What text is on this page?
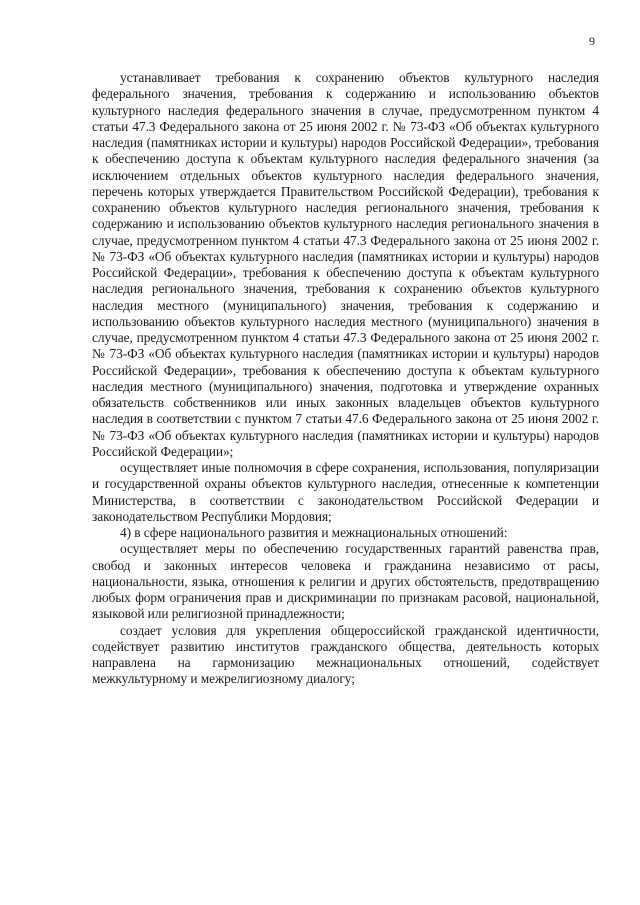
9

устанавливает требования к сохранению объектов культурного наследия федерального значения, требования к содержанию и использованию объектов культурного наследия федерального значения в случае, предусмотренном пунктом 4 статьи 47.3 Федерального закона от 25 июня 2002 г. № 73-ФЗ «Об объектах культурного наследия (памятниках истории и культуры) народов Российской Федерации», требования к обеспечению доступа к объектам культурного наследия федерального значения (за исключением отдельных объектов культурного наследия федерального значения, перечень которых утверждается Правительством Российской Федерации), требования к сохранению объектов культурного наследия регионального значения, требования к содержанию и использованию объектов культурного наследия регионального значения в случае, предусмотренном пунктом 4 статьи 47.3 Федерального закона от 25 июня 2002 г. № 73-ФЗ «Об объектах культурного наследия (памятниках истории и культуры) народов Российской Федерации», требования к обеспечению доступа к объектам культурного наследия регионального значения, требования к сохранению объектов культурного наследия местного (муниципального) значения, требования к содержанию и использованию объектов культурного наследия местного (муниципального) значения в случае, предусмотренном пунктом 4 статьи 47.3 Федерального закона от 25 июня 2002 г. № 73-ФЗ «Об объектах культурного наследия (памятниках истории и культуры) народов Российской Федерации», требования к обеспечению доступа к объектам культурного наследия местного (муниципального) значения, подготовка и утверждение охранных обязательств собственников или иных законных владельцев объектов культурного наследия в соответствии с пунктом 7 статьи 47.6 Федерального закона от 25 июня 2002 г. № 73-ФЗ «Об объектах культурного наследия (памятниках истории и культуры) народов Российской Федерации»;

осуществляет иные полномочия в сфере сохранения, использования, популяризации и государственной охраны объектов культурного наследия, отнесенные к компетенции Министерства, в соответствии с законодательством Российской Федерации и законодательством Республики Мордовия;

4) в сфере национального развития и межнациональных отношений:

осуществляет меры по обеспечению государственных гарантий равенства прав, свобод и законных интересов человека и гражданина независимо от расы, национальности, языка, отношения к религии и других обстоятельств, предотвращению любых форм ограничения прав и дискриминации по признакам расовой, национальной, языковой или религиозной принадлежности;

создает условия для укрепления общероссийской гражданской идентичности, содействует развитию институтов гражданского общества, деятельность которых направлена на гармонизацию межнациональных отношений, содействует межкультурному и межрелигиозному диалогу;
